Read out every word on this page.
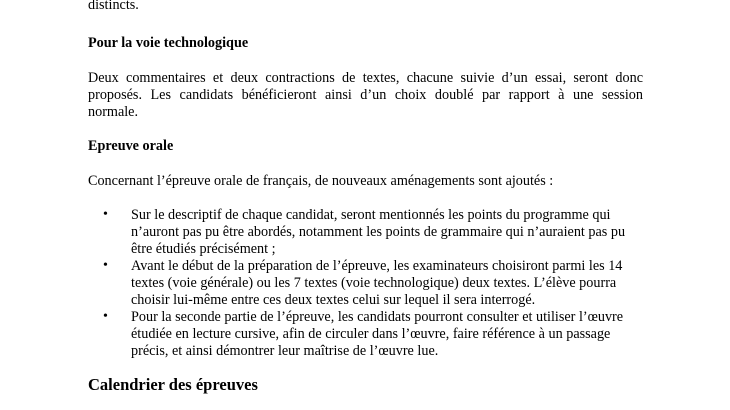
distincts.

Pour la voie technologique

Deux commentaires et deux contractions de textes, chacune suivie d’un essai, seront donc

proposés. Les candidats bénéficieront ainsi d’un choix doublé par rapport à une session

normale.

Epreuve orale

Concernant l’épreuve orale de français, de nouveaux aménagements sont ajoutés :

• Sur le descriptif de chaque candidat, seront mentionnés les points du programme qui

n’auront pas pu être abordés, notamment les points de grammaire qui n’auraient pas pu

être étudiés précisément ;

• Avant le début de la préparation de l’épreuve, les examinateurs choisiront parmi les 14

textes (voie générale) ou les 7 textes (voie technologique) deux textes. L’élève pourra

choisir lui-même entre ces deux textes celui sur lequel il sera interrogé.

• Pour la seconde partie de l’épreuve, les candidats pourront consulter et utiliser l’œuvre

étudiée en lecture cursive, afin de circuler dans l’œuvre, faire référence à un passage

précis, et ainsi démontrer leur maîtrise de l’œuvre lue.

Calendrier des épreuves
